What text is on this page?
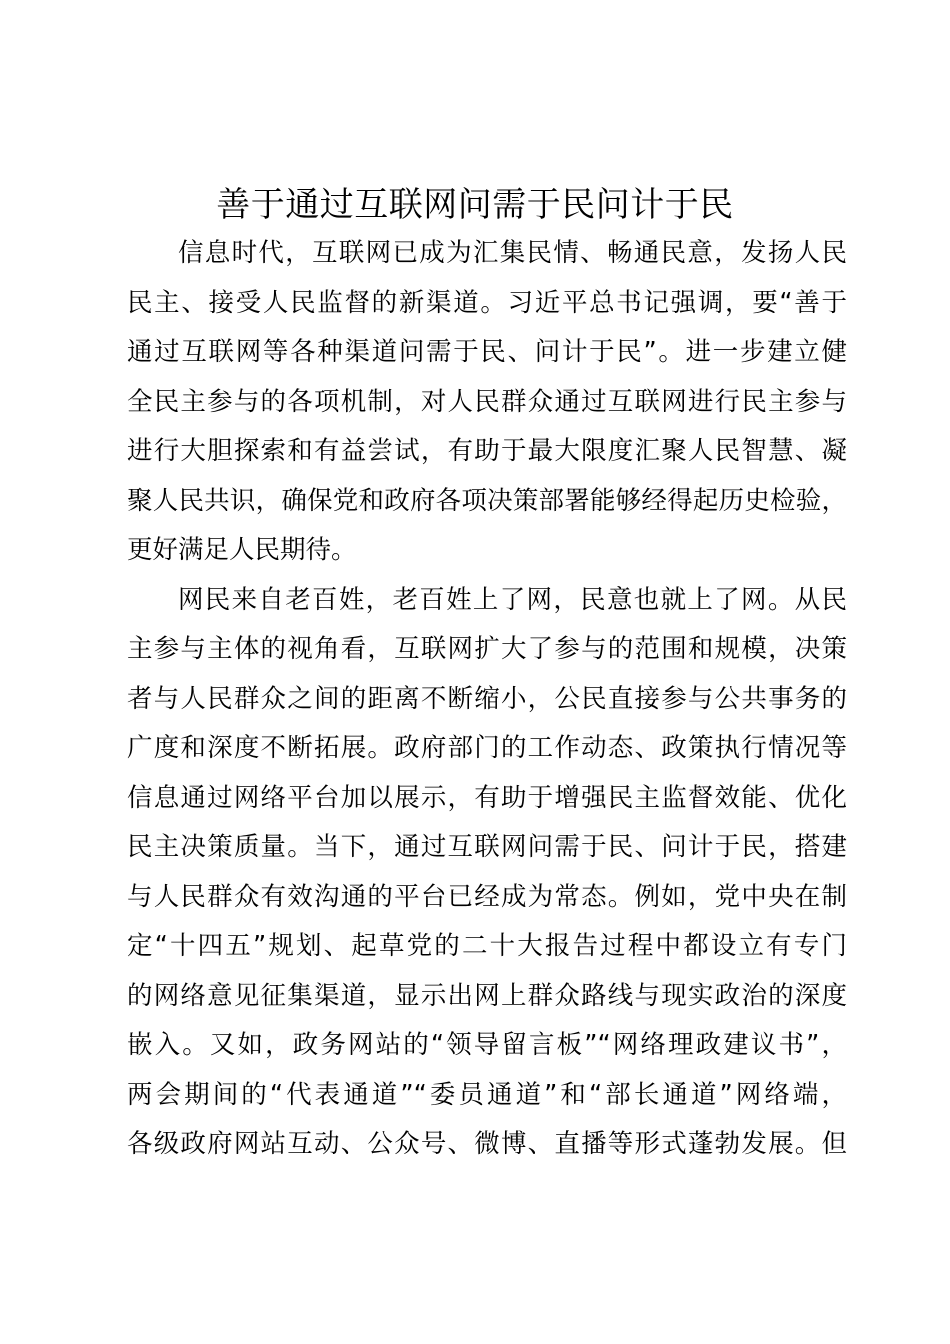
善于通过互联网问需于民问计于民

信息时代，互联网已成为汇集民情、畅通民意，发扬人民
民主、接受人民监督的新渠道。习近平总书记强调，要“善于
通过互联网等各种渠道问需于民、问计于民”。进一步建立健
全民主参与的各项机制，对人民群众通过互联网进行民主参与
进行大胆探索和有益尝试，有助于最大限度汇聚人民智慧、凝
聚人民共识，确保党和政府各项决策部署能够经得起历史检验，
更好满足人民期待。

网民来自老百姓，老百姓上了网，民意也就上了网。从民
主参与主体的视角看，互联网扩大了参与的范围和规模，决策
者与人民群众之间的距离不断缩小，公民直接参与公共事务的
广度和深度不断拓展。政府部门的工作动态、政策执行情况等
信息通过网络平台加以展示，有助于增强民主监督效能、优化
民主决策质量。当下，通过互联网问需于民、问计于民，搭建
与人民群众有效沟通的平台已经成为常态。例如，党中央在制
定“十四五”规划、起草党的二十大报告过程中都设立有专门
的网络意见征集渠道，显示出网上群众路线与现实政治的深度
嵌入。又如，政务网站的“领导留言板”“网络理政建议书”，
两会期间的“代表通道”“委员通道”和“部长通道”网络端，
各级政府网站互动、公众号、微博、直播等形式蓬勃发展。但
